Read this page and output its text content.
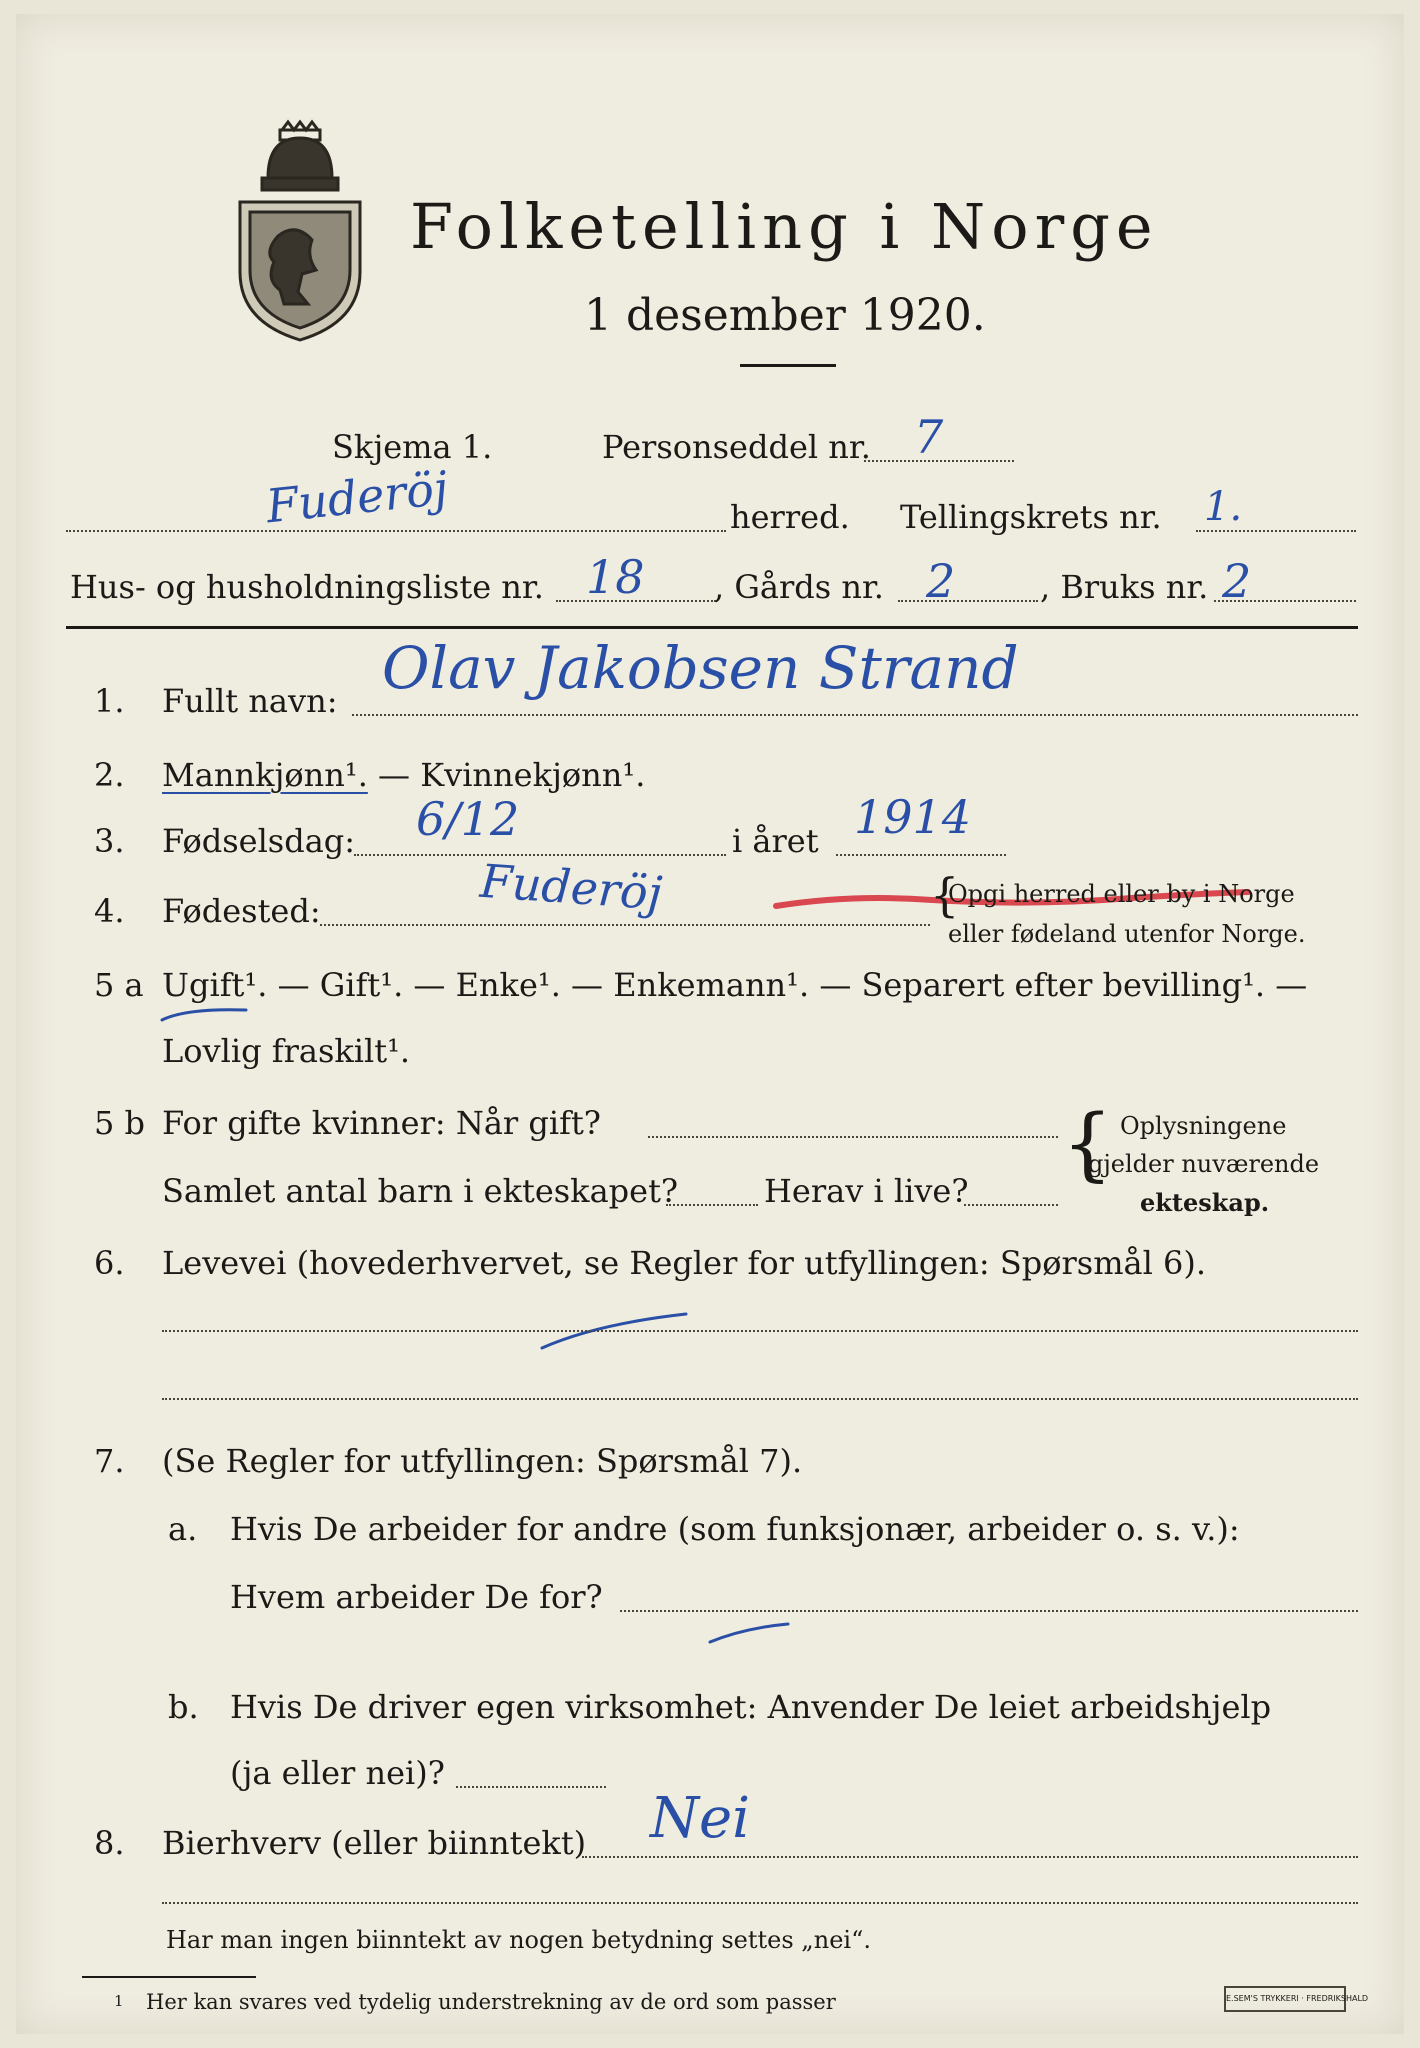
Folketelling i Norge
1 desember 1920.
Skjema 1.	Personseddel nr. 7
Fuderöj	herred. Tellingskrets nr. 1.
Hus- og husholdningsliste nr. 18 , Gårds nr. 2	, Bruks nr. 2
1. Fullt navn: Olav Jakobsen Strand
2. Mannkjønn¹. — Kvinnekjønn¹.
3. Fødselsdag: 6/12	i året 1914
4. Fødested:	Fuderöj	{
Opgi herred eller by i Norge
eller fødeland utenfor Norge.
5 a Ugift¹. — Gift¹. — Enke¹. — Enkemann¹. — Separert efter bevilling¹. —
Lovlig fraskilt¹.
5 b For gifte kvinner: Når gift?
Samlet antal barn i ekteskapet?	Herav i live?
{ Oplysningene
gjelder nuværende
ekteskap.
6. Levevei (hovederhvervet, se Regler for utfyllingen: Spørsmål 6).
7. (Se Regler for utfyllingen: Spørsmål 7).
a. Hvis De arbeider for andre (som funksjonær, arbeider o. s. v.):
Hvem arbeider De for?
b. Hvis De driver egen virksomhet: Anvender De leiet arbeidshjelp
(ja eller nei)?
8. Bierhverv (eller biinntekt) Nei
Har man ingen biinntekt av nogen betydning settes „nei“.
1 Her kan svares ved tydelig understrekning av de ord som passer	E.SEM'S TRYKKERI · FREDRIKSHALD
